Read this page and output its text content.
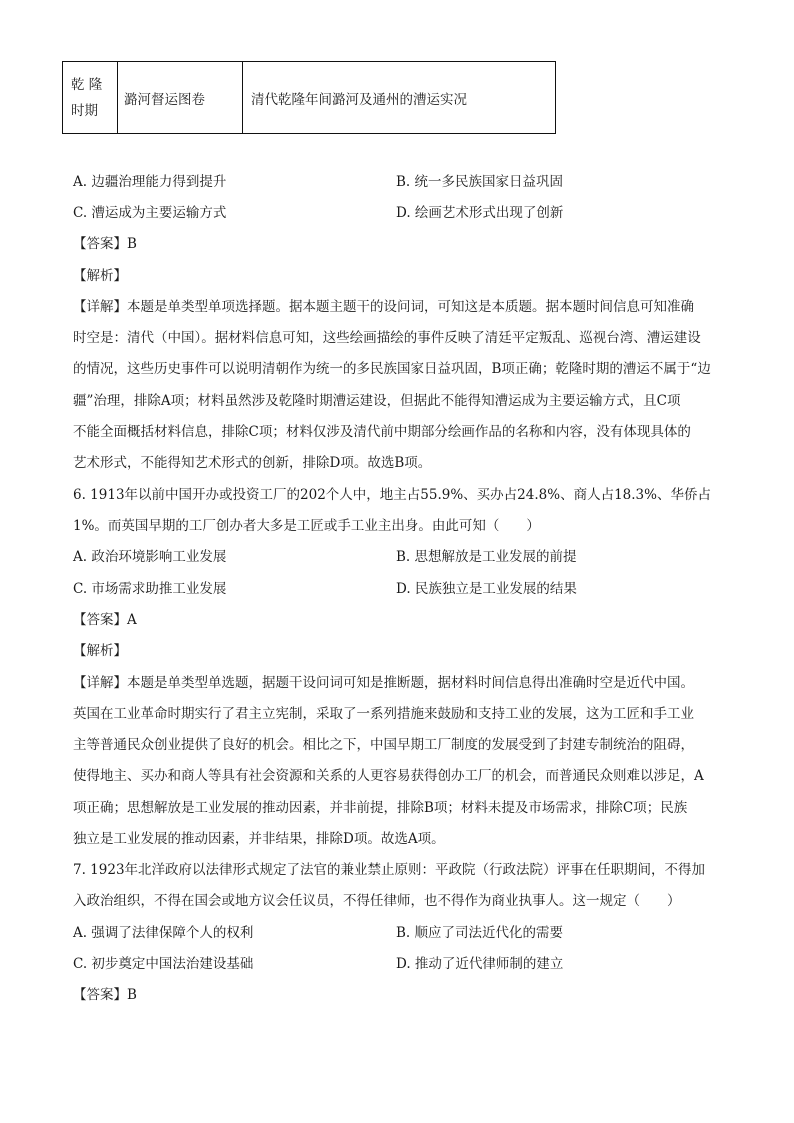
乾 隆
时期
	潞河督运图卷	清代乾隆年间潞河及通州的漕运实况
A. 边疆治理能力得到提升	B. 统一多民族国家日益巩固
C. 漕运成为主要运输方式	D. 绘画艺术形式出现了创新
【答案】B
【解析】
【详解】本题是单类型单项选择题。据本题主题干的设问词，可知这是本质题。据本题时间信息可知准确
时空是：清代（中国）。据材料信息可知，这些绘画描绘的事件反映了清廷平定叛乱、巡视台湾、漕运建设
的情况，这些历史事件可以说明清朝作为统一的多民族国家日益巩固，B项正确；乾隆时期的漕运不属于“边
疆”治理，排除A项；材料虽然涉及乾隆时期漕运建设，但据此不能得知漕运成为主要运输方式，且C项
不能全面概括材料信息，排除C项；材料仅涉及清代前中期部分绘画作品的名称和内容，没有体现具体的
艺术形式，不能得知艺术形式的创新，排除D项。故选B项。
6. 1913年以前中国开办或投资工厂的202个人中，地主占55.9%、买办占24.8%、商人占18.3%、华侨占
1%。而英国早期的工厂创办者大多是工匠或手工业主出身。由此可知（　　）
A. 政治环境影响工业发展	B. 思想解放是工业发展的前提
C. 市场需求助推工业发展	D. 民族独立是工业发展的结果
【答案】A
【解析】
【详解】本题是单类型单选题，据题干设问词可知是推断题，据材料时间信息得出准确时空是近代中国。
英国在工业革命时期实行了君主立宪制，采取了一系列措施来鼓励和支持工业的发展，这为工匠和手工业
主等普通民众创业提供了良好的机会。相比之下，中国早期工厂制度的发展受到了封建专制统治的阻碍，
使得地主、买办和商人等具有社会资源和关系的人更容易获得创办工厂的机会，而普通民众则难以涉足，A
项正确；思想解放是工业发展的推动因素，并非前提，排除B项；材料未提及市场需求，排除C项；民族
独立是工业发展的推动因素，并非结果，排除D项。故选A项。
7. 1923年北洋政府以法律形式规定了法官的兼业禁止原则：平政院（行政法院）评事在任职期间，不得加
入政治组织，不得在国会或地方议会任议员，不得任律师，也不得作为商业执事人。这一规定（　　）
A. 强调了法律保障个人的权利	B. 顺应了司法近代化的需要
C. 初步奠定中国法治建设基础	D. 推动了近代律师制的建立
【答案】B
